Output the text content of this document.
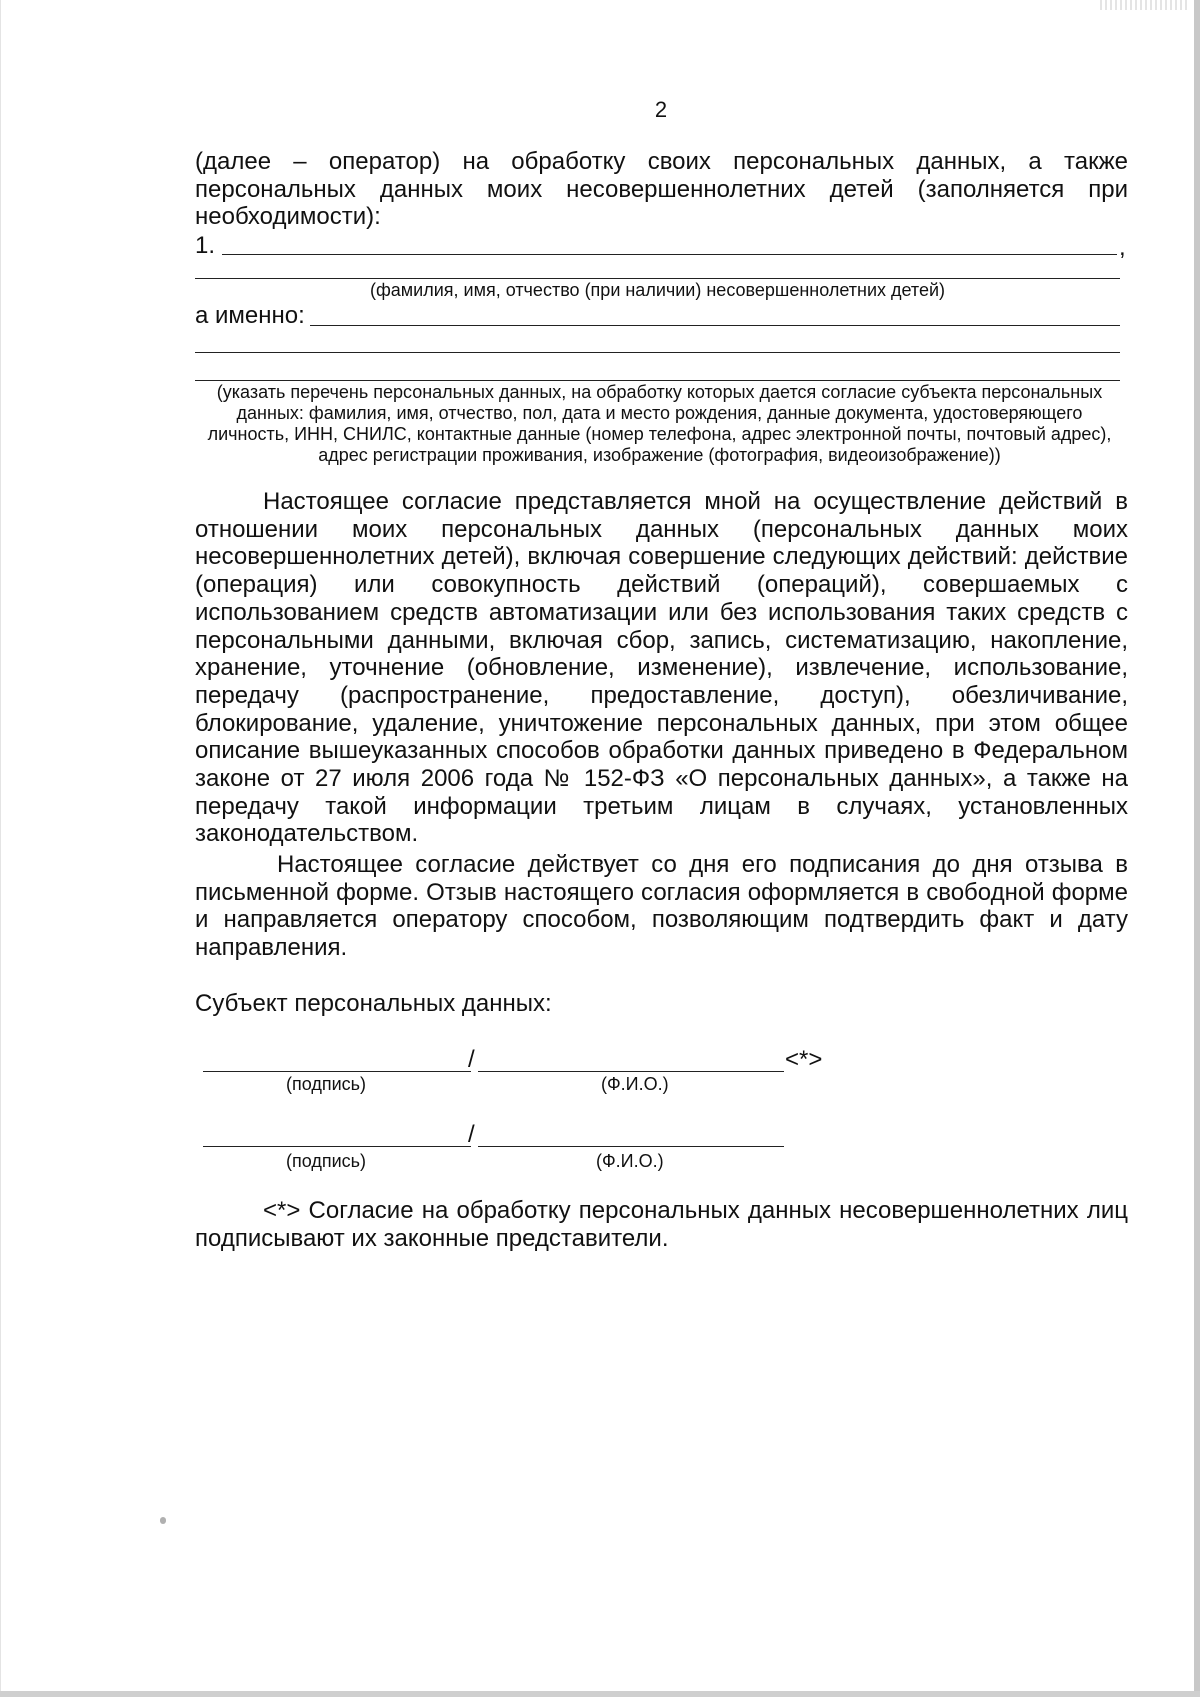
2

(далее – оператор) на обработку своих персональных данных, а также персональных данных моих несовершеннолетних детей (заполняется при необходимости):

1.	,
(фамилия, имя, отчество (при наличии) несовершеннолетних детей)
а именно:
(указать перечень персональных данных, на обработку которых дается согласие субъекта персональных данных: фамилия, имя, отчество, пол, дата и место рождения, данные документа, удостоверяющего личность, ИНН, СНИЛС, контактные данные (номер телефона, адрес электронной почты, почтовый адрес), адрес регистрации проживания, изображение (фотография, видеоизображение))

Настоящее согласие представляется мной на осуществление действий в отношении моих персональных данных (персональных данных моих несовершеннолетних детей), включая совершение следующих действий: действие (операция) или совокупность действий (операций), совершаемых с использованием средств автоматизации или без использования таких средств с персональными данными, включая сбор, запись, систематизацию, накопление, хранение, уточнение (обновление, изменение), извлечение, использование, передачу (распространение, предоставление, доступ), обезличивание, блокирование, удаление, уничтожение персональных данных, при этом общее описание вышеуказанных способов обработки данных приведено в Федеральном законе от 27 июля 2006 года № 152-ФЗ «О персональных данных», а также на передачу такой информации третьим лицам в случаях, установленных законодательством.

Настоящее согласие действует со дня его подписания до дня отзыва в письменной форме. Отзыв настоящего согласия оформляется в свободной форме и направляется оператору способом, позволяющим подтвердить факт и дату направления.

Субъект персональных данных:
/	<*>
(подпись)	(Ф.И.О.)
/
(подпись)	(Ф.И.О.)

<*> Согласие на обработку персональных данных несовершеннолетних лиц подписывают их законные представители.
